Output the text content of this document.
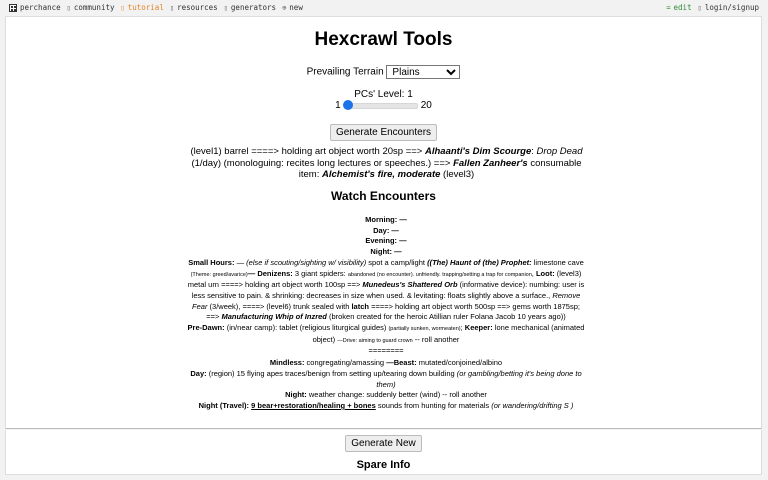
perchance ▯ community ▯ tutorial ▯ resources ▯ generators ⊕ new	= edit ▯ login/signup
Hexcrawl Tools
Prevailing Terrain
Plains
PCs' Level: 1
1	20
Generate Encounters
(level1) barrel ====> holding art object worth 20sp ==> Alhaanti's Dim Scourge: Drop Dead (1/day) (monologuing: recites long lectures or speeches.) ==> Fallen Zanheer's consumable item: Alchemist's fire, moderate (level3)
Watch Encounters
Morning: —
Day: —
Evening: —
Night: —
Small Hours: — (else if scouting/sighting w/ visibility) spot a camp/light ((The) Haunt of (the) Prophet: limestone cave (Theme: greed/avarice)— Denizens: 3 giant spiders: abandoned (no encounter). unfriendly. trapping/setting a trap for companion, Loot: (level3) metal urn ====> holding art object worth 100sp ==> Munedeus's Shattered Orb (informative device): numbing: user is less sensitive to pain. & shrinking: decreases in size when used. & levitating: floats slightly above a surface., Remove Fear (3/week), ====> (level6) trunk sealed with latch ====> holding art object worth 500sp ==> gems worth 1875sp; ==> Manufacturing Whip of Inzred (broken created for the heroic Atillian ruler Folana Jacob 10 years ago))
Pre-Dawn: (in/near camp): tablet (religious liturgical guides) (partially sunken, wormeaten); Keeper: lone mechanical (animated object) —Drive: aiming to guard crown -- roll another
========
Mindless: congregating/amassing —Beast: mutated/conjoined/albino
Day: (region) 15 flying apes traces/benign from setting up/tearing down building (or gambling/betting it's being done to them)
Night: weather change: suddenly better (wind) -- roll another
Night (Travel): 9 bear+restoration/healing + bones sounds from hunting for materials (or wandering/drifting S )
Generate New
Spare Info
